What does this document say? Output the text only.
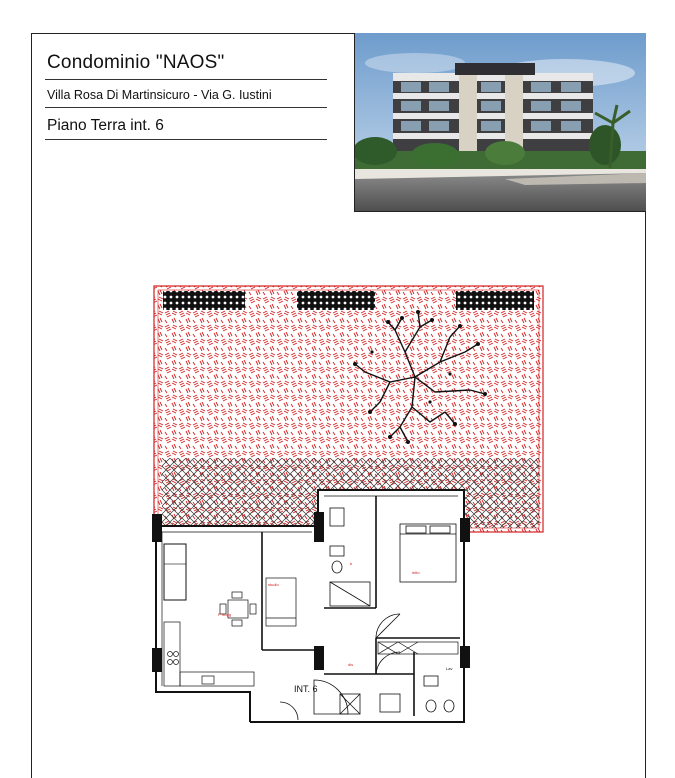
Condominio "NAOS"
Villa Rosa Di Martinsicuro - Via G. Iustini
Piano Terra int. 6
P Sogg
studio
b
letto
dis
Lav
INT. 6
